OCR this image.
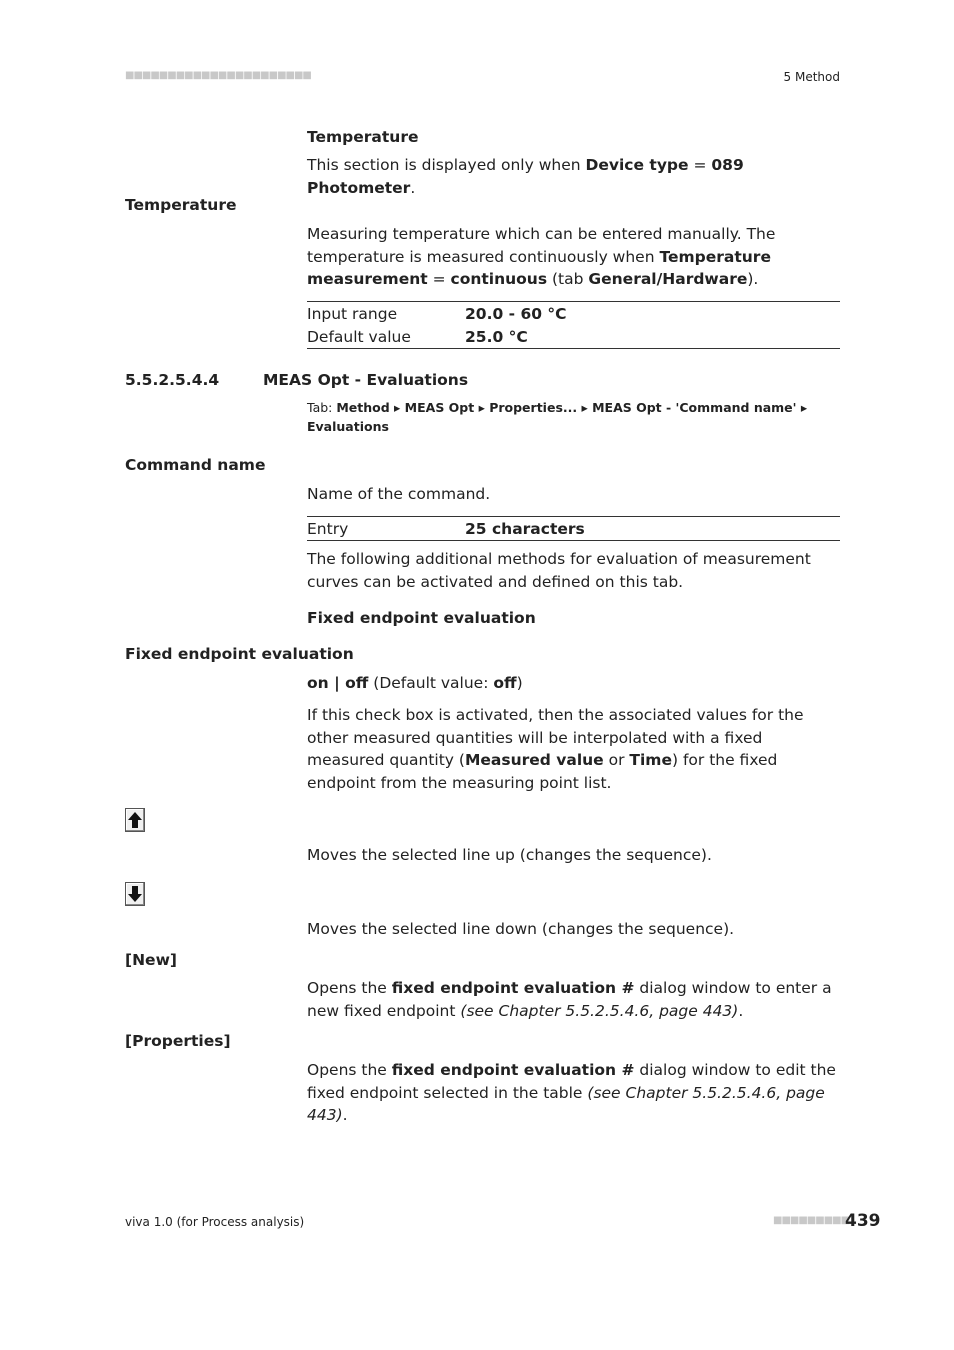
■■■■■■■■■■■■■■■■■■■■■■	5 Method
Temperature
This section is displayed only when Device type = 089 Photometer.
Temperature
Measuring temperature which can be entered manually. The temperature is measured continuously when Temperature measurement = continuous (tab General/Hardware).
Input range	20.0 - 60 °C
Default value	25.0 °C
5.5.2.5.4.4	MEAS Opt - Evaluations
Tab: Method ▸ MEAS Opt ▸ Properties... ▸ MEAS Opt - 'Command name' ▸ Evaluations
Command name
Name of the command.
Entry	25 characters
The following additional methods for evaluation of measurement curves can be activated and defined on this tab.
Fixed endpoint evaluation
Fixed endpoint evaluation
on | off (Default value: off)
If this check box is activated, then the associated values for the other measured quantities will be interpolated with a fixed measured quantity (Measured value or Time) for the fixed endpoint from the measuring point list.
Moves the selected line up (changes the sequence).
Moves the selected line down (changes the sequence).
[New]
Opens the fixed endpoint evaluation # dialog window to enter a new fixed endpoint (see Chapter 5.5.2.5.4.6, page 443).
[Properties]
Opens the fixed endpoint evaluation # dialog window to edit the fixed endpoint selected in the table (see Chapter 5.5.2.5.4.6, page 443).
viva 1.0 (for Process analysis)	■■■■■■■■■
439
